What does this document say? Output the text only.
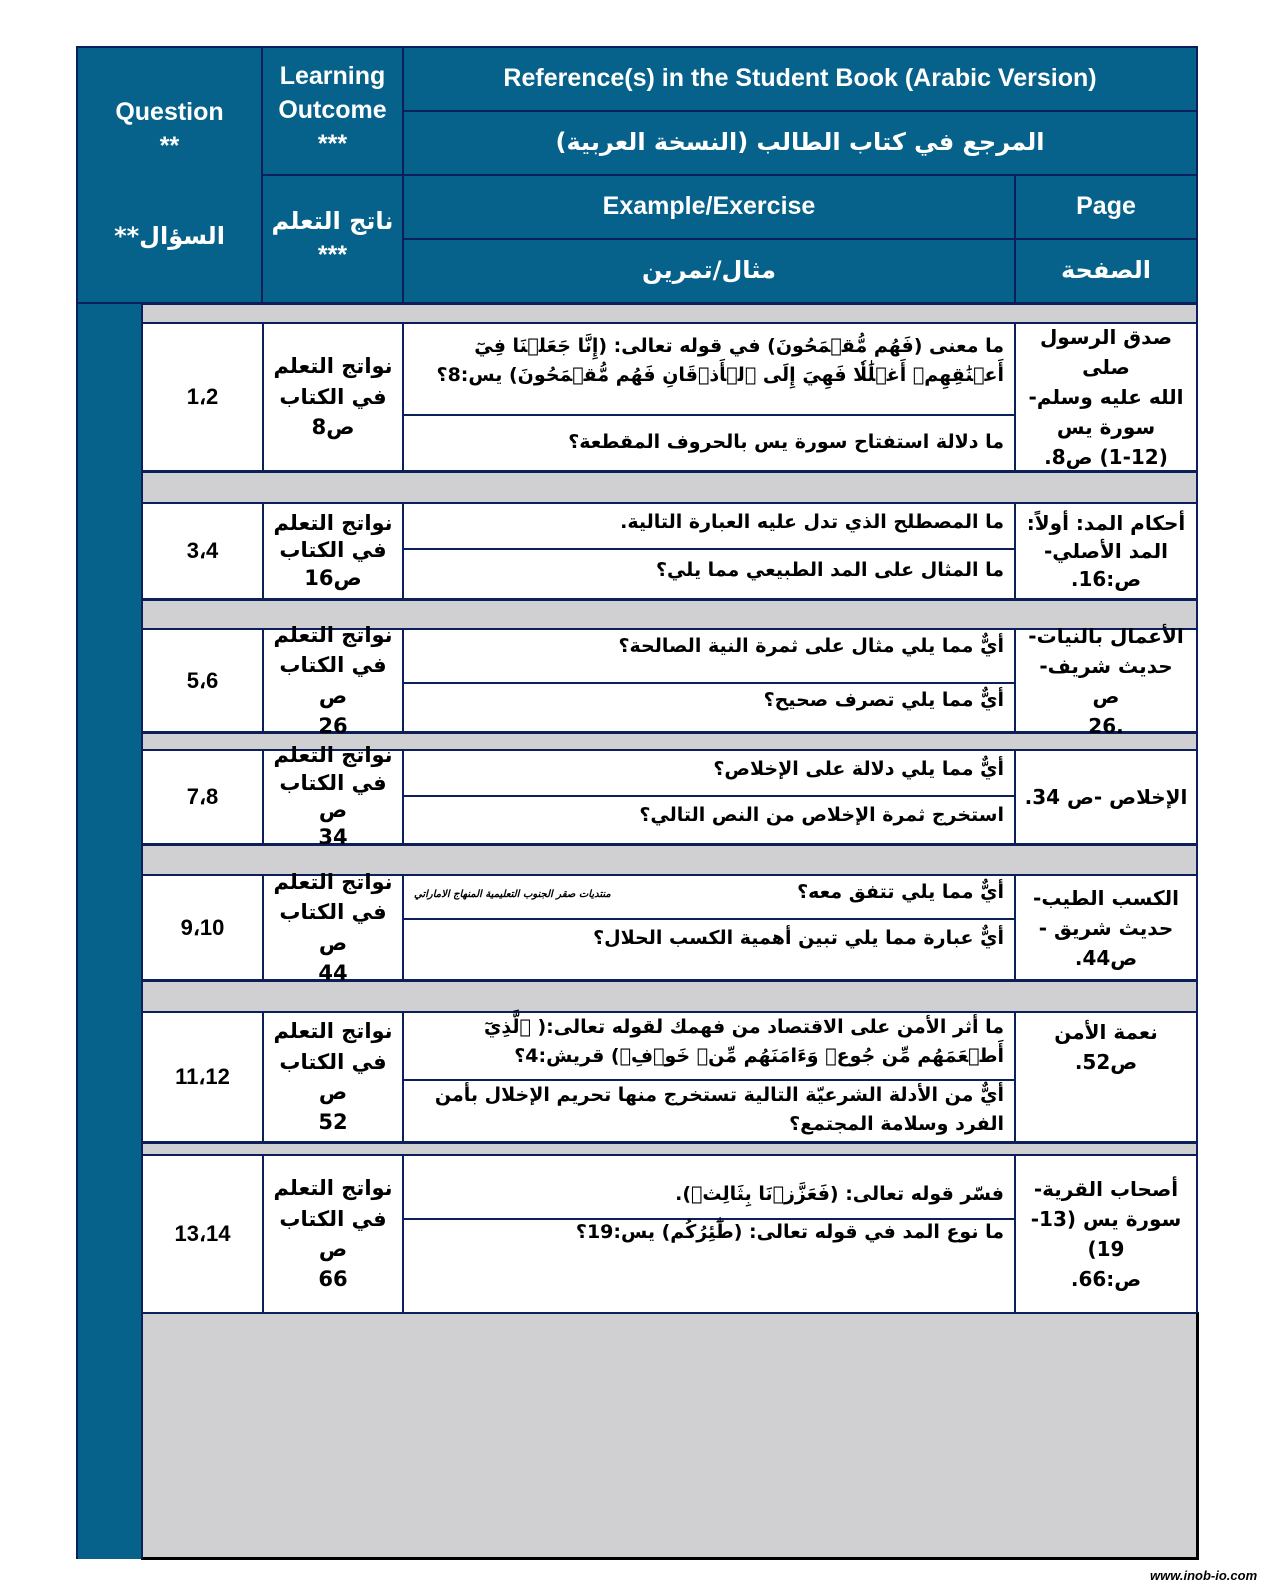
Question
**
السؤال**
Learning
Outcome
***
ناتج التعلم
***
Reference(s) in the Student Book (Arabic Version)
المرجع في كتاب الطالب (النسخة العربية)
Example/Exercise	Page
مثال/تمرين	الصفحة
1،2
نواتج التعلم
في الكتاب
ص8
ما معنى (فَهُم مُّقۡمَحُونَ) في قوله تعالى: (إِنَّا جَعَلۡنَا فِيٓ أَعۡنَٰقِهِمۡ أَغۡلَٰلٗا فَهِيَ إِلَى ٱلۡأَذۡقَانِ فَهُم مُّقۡمَحُونَ) يس:8؟
ما دلالة استفتاح سورة يس بالحروف المقطعة؟
صدق الرسول صلى
الله عليه وسلم-
سورة يس
(1-12) ص8.
3،4
نواتج التعلم
في الكتاب
ص16
ما المصطلح الذي تدل عليه العبارة التالية.
ما المثال على المد الطبيعي مما يلي؟
أحكام المد: أولاً:
المد الأصلي-
ص:16.
5،6
نواتج التعلم
في الكتاب ص
26
أيٌّ مما يلي مثال على ثمرة النية الصالحة؟
أيٌّ مما يلي تصرف صحيح؟
الأعمال بالنيات-
حديث شريف- ص
.26
7،8
نواتج التعلم
في الكتاب ص
34
أيٌّ مما يلي دلالة على الإخلاص؟
استخرج ثمرة الإخلاص من النص التالي؟
الإخلاص -ص 34.
9،10
نواتج التعلم
في الكتاب ص
44
أيٌّ مما يلي تتفق معه؟
منتديات صقر الجنوب التعليمية المنهاج الاماراتي
أيٌّ عبارة مما يلي تبين أهمية الكسب الحلال؟
الكسب الطيب-
حديث شريق -
ص44.
11،12
نواتج التعلم
في الكتاب ص
52
ما أثر الأمن على الاقتصاد من فهمك لقوله تعالى:( ٱلَّذِيٓ أَطۡعَمَهُم مِّن جُوعٖ وَءَامَنَهُم مِّنۡ خَوۡفِۭ) قريش:4؟
أيٌّ من الأدلة الشرعيّة التالية تستخرج منها تحريم الإخلال بأمن الفرد وسلامة المجتمع؟
نعمة الأمن ص52.
13،14
نواتج التعلم
في الكتاب ص
66
فسّر قوله تعالى: (فَعَزَّزۡنَا بِثَالِثٖ).
ما نوع المد في قوله تعالى: (طَٰٓئِرُكُم) يس:19؟
أصحاب القرية-
سورة يس (13-19)
ص:66.
www.inob-io.com
